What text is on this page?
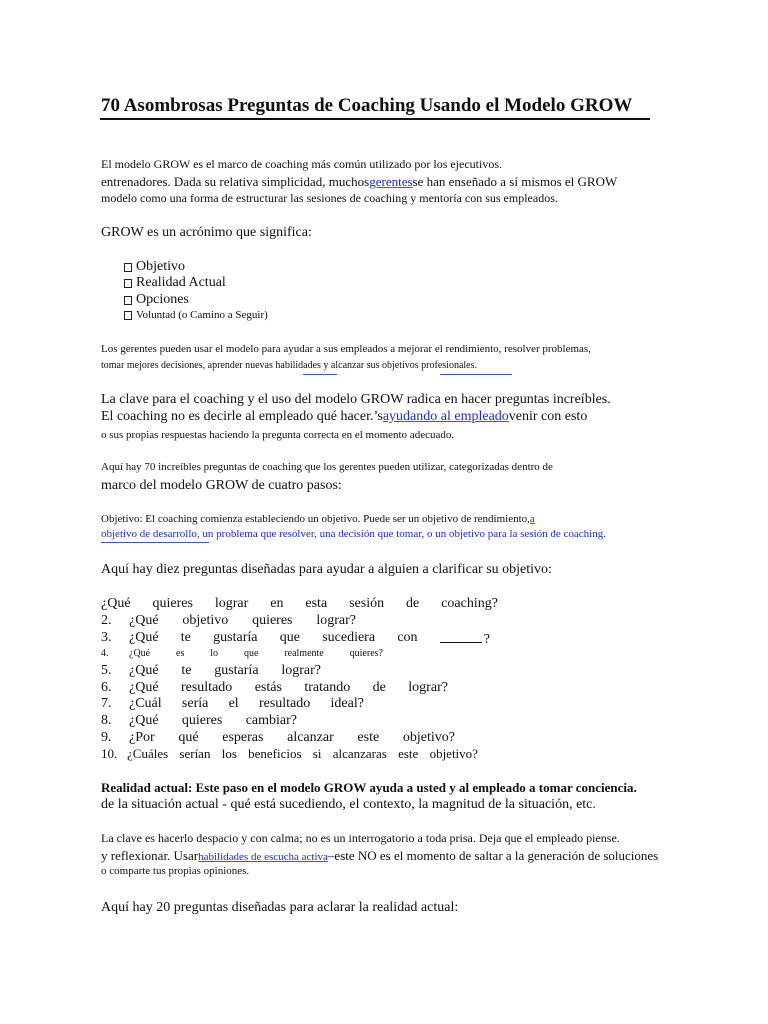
70 Asombrosas Preguntas de Coaching Usando el Modelo GROW
El modelo GROW es el marco de coaching más común utilizado por los ejecutivos.
entrenadores. Dada su relativa simplicidad, muchosgerentesse han enseñado a sí mismos el GROW
modelo como una forma de estructurar las sesiones de coaching y mentoría con sus empleados.
GROW es un acrónimo que significa:
Objetivo
Realidad Actual
Opciones
Voluntad (o Camino a Seguir)
Los gerentes pueden usar el modelo para ayudar a sus empleados a mejorar el rendimiento, resolver problemas,
tomar mejores decisiones, aprender nuevas habilidades y alcanzar sus objetivos profesionales.
La clave para el coaching y el uso del modelo GROW radica en hacer preguntas increíbles.
El coaching no es decirle al empleado qué hacer.’sayudando al empleadovenir con esto
o sus propias respuestas haciendo la pregunta correcta en el momento adecuado.
Aquí hay 70 increíbles preguntas de coaching que los gerentes pueden utilizar, categorizadas dentro de
marco del modelo GROW de cuatro pasos:
Objetivo: El coaching comienza estableciendo un objetivo. Puede ser un objetivo de rendimiento,a
objetivo de desarrollo, un problema que resolver, una decisión que tomar, o un objetivo para la sesión de coaching.
Aquí hay diez preguntas diseñadas para ayudar a alguien a clarificar su objetivo:
¿Qué quieres lograr en esta sesión de coaching?
2.	¿Qué objetivo quieres lograr?
3.	¿Qué te gustaría que sucediera con	?
4.	¿Qué	es	lo	que	realmente	quieres?
5.	¿Qué te gustaría lograr?
6.	¿Qué resultado estás tratando de lograr?
7.	¿Cuál sería el resultado ideal?
8.	¿Qué quieres cambiar?
9.	¿Por qué esperas alcanzar este objetivo?
10. ¿Cuáles serían los beneficios si alcanzaras este objetivo?
Realidad actual: Este paso en el modelo GROW ayuda a usted y al empleado a tomar conciencia.
de la situación actual - qué está sucediendo, el contexto, la magnitud de la situación, etc.
La clave es hacerlo despacio y con calma; no es un interrogatorio a toda prisa. Deja que el empleado piense.
y reflexionar. Usarhabilidades de escucha activa–este NO es el momento de saltar a la generación de soluciones
o comparte tus propias opiniones.
Aquí hay 20 preguntas diseñadas para aclarar la realidad actual:
